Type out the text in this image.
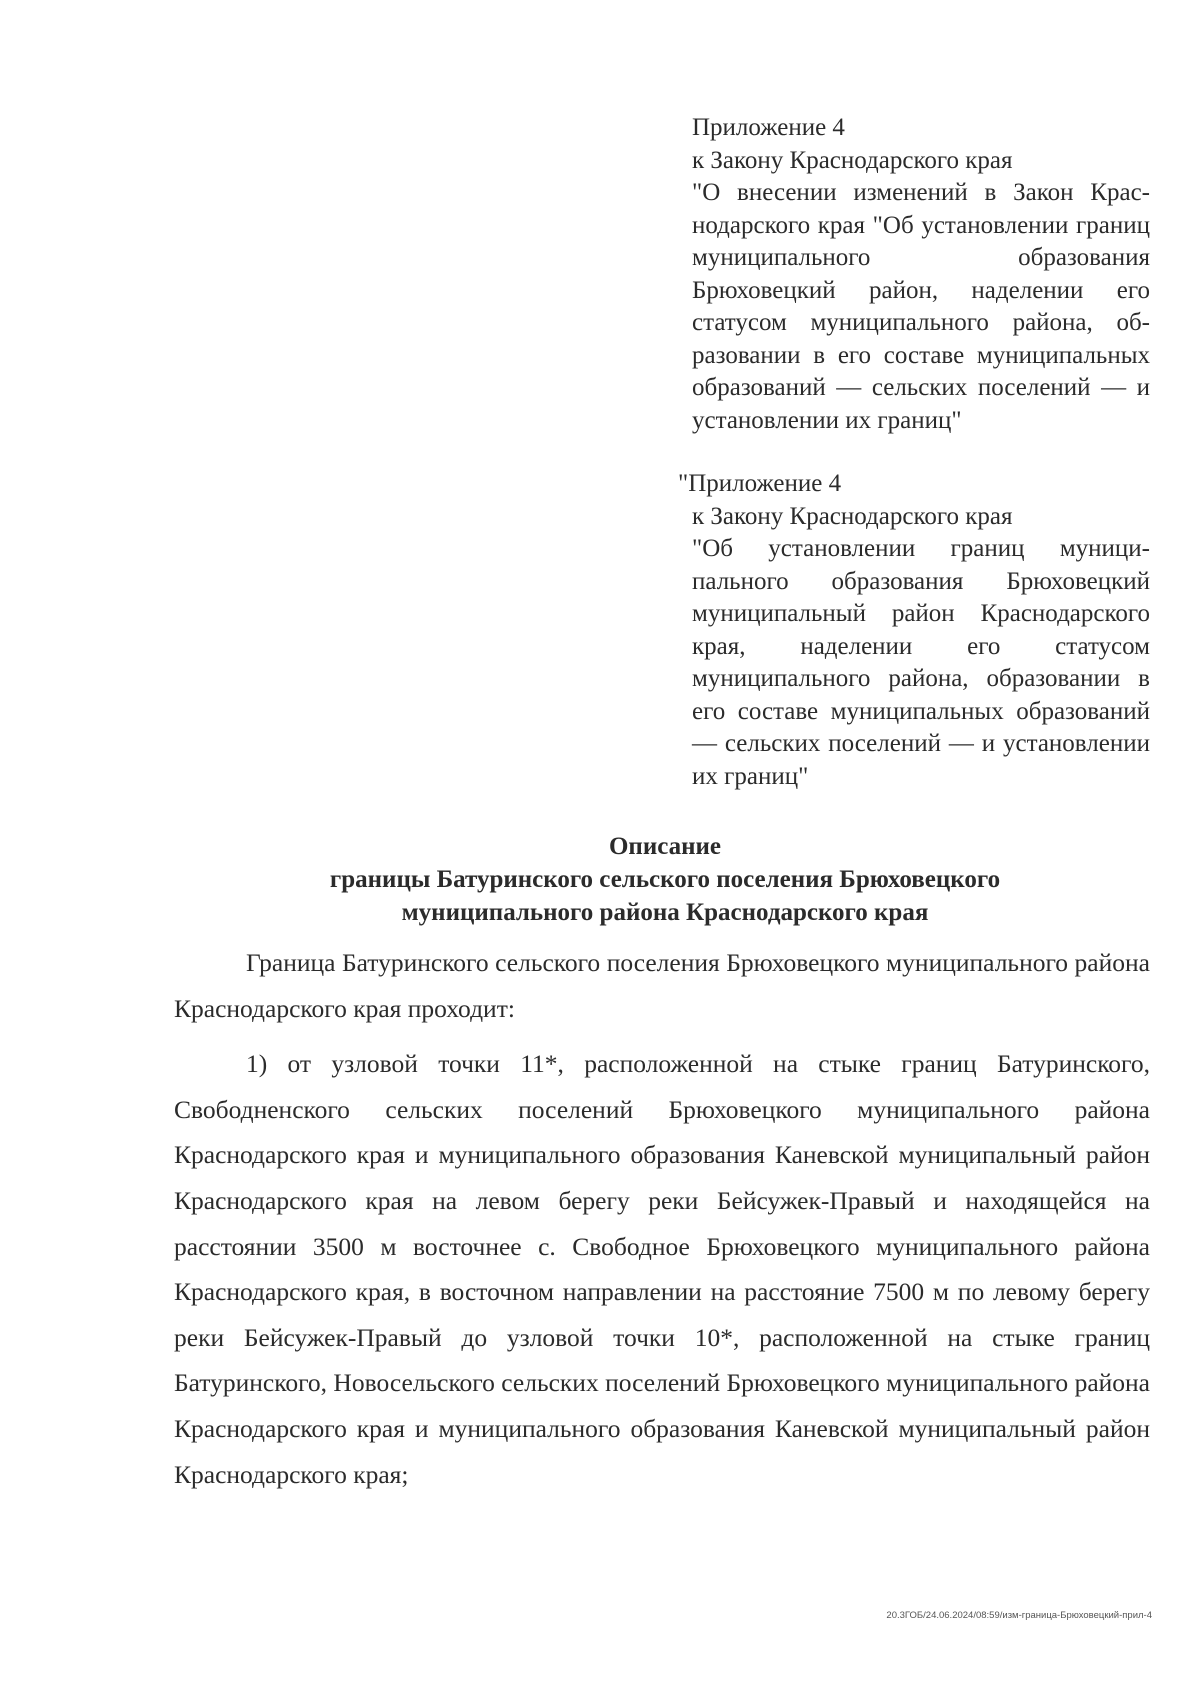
Приложение 4
к Закону Краснодарского края
"О внесении изменений в Закон Краснодарского края "Об установлении границ муниципального образования Брюховецкий район, наделении его статусом муниципального района, образовании в его составе муниципальных образований — сельских поселений — и установлении их границ"
"Приложение 4
к Закону Краснодарского края
"Об установлении границ муниципального образования Брюховецкий муниципальный район Краснодарского края, наделении его статусом муниципального района, образовании в его составе муниципальных образований — сельских поселений — и установлении их границ"
Описание
границы Батуринского сельского поселения Брюховецкого
муниципального района Краснодарского края

Граница Батуринского сельского поселения Брюховецкого муниципального района Краснодарского края проходит:

1) от узловой точки 11*, расположенной на стыке границ Батуринского, Свободненского сельских поселений Брюховецкого муниципального района Краснодарского края и муниципального образования Каневской муниципальный район Краснодарского края на левом берегу реки Бейсужек-Правый и находящейся на расстоянии 3500 м восточнее с. Свободное Брюховецкого муниципального района Краснодарского края, в восточном направлении на расстояние 7500 м по левому берегу реки Бейсужек-Правый до узловой точки 10*, расположенной на стыке границ Батуринского, Новосельского сельских поселений Брюховецкого муниципального района Краснодарского края и муниципального образования Каневской муниципальный район Краснодарского края;

20.3ГОБ/24.06.2024/08:59/изм-граница-Брюховецкий-прил-4
